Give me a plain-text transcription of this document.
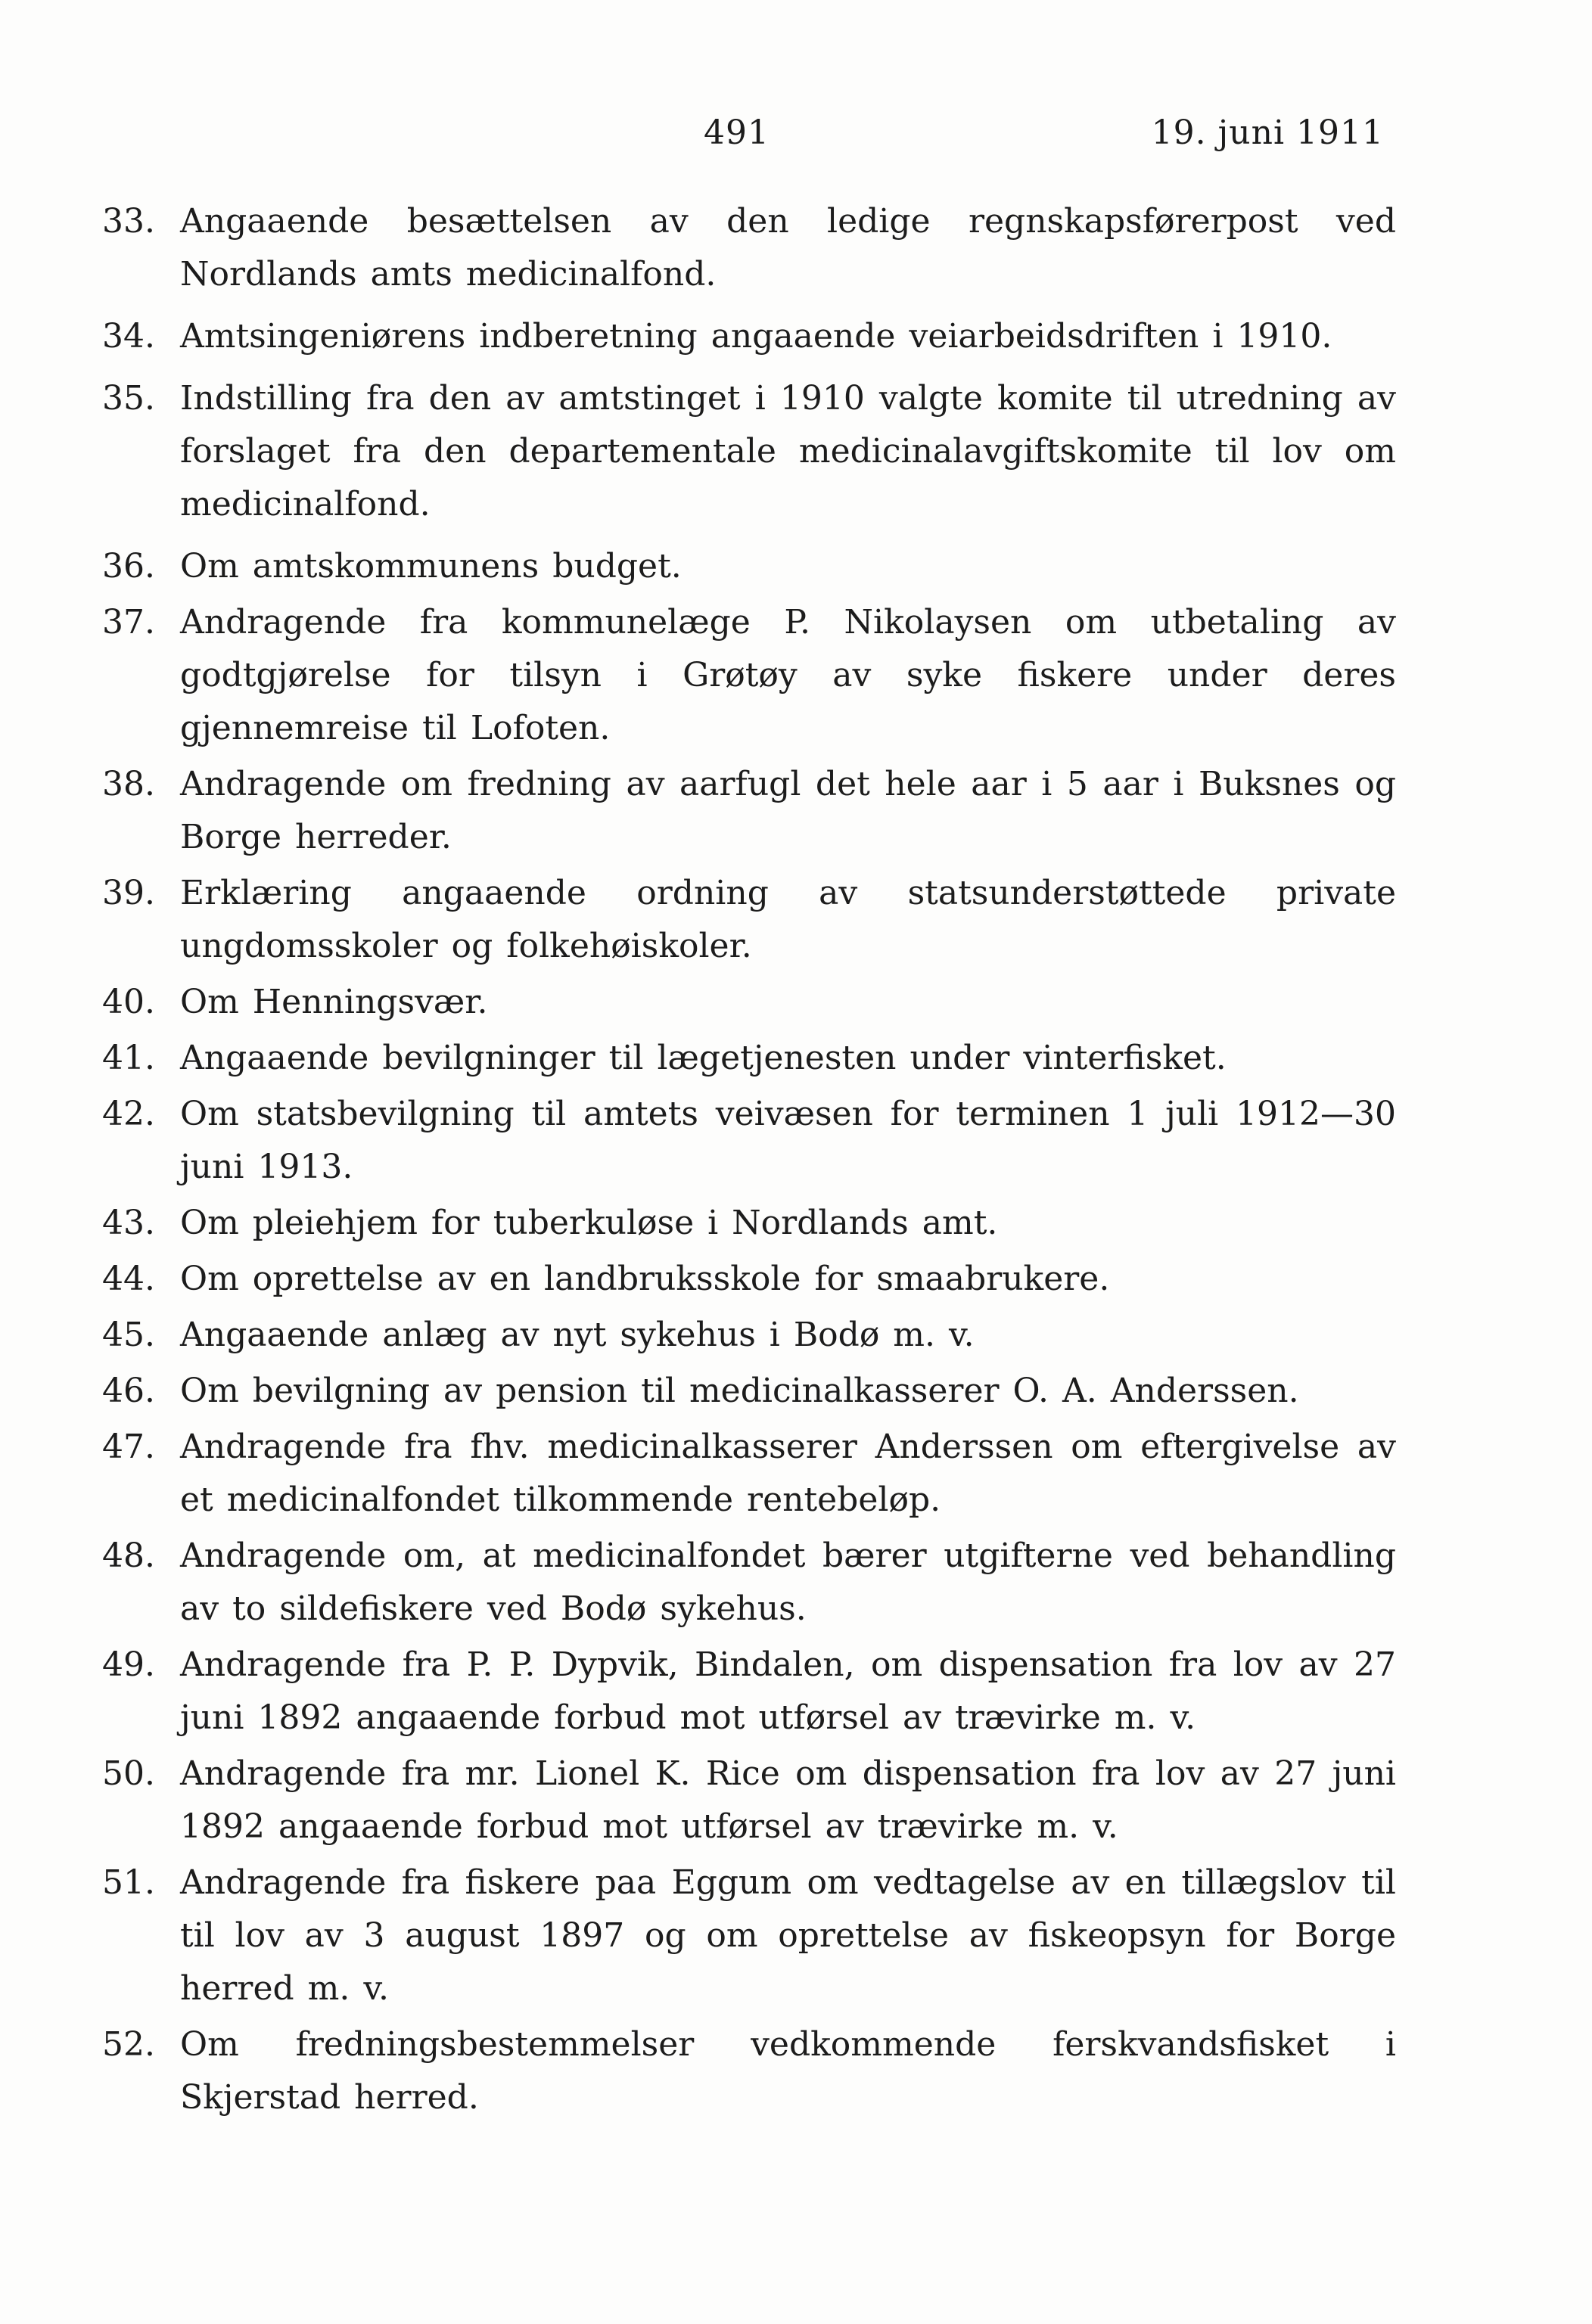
491	19. juni 1911
33. Angaaende besættelsen av den ledige regnskapsførerpost ved Nordlands amts medicinalfond.
34. Amtsingeniørens indberetning angaaende veiarbeidsdriften i 1910.
35. Indstilling fra den av amtstinget i 1910 valgte komite til utredning av forslaget fra den departementale medicinalavgiftskomite til lov om medicinalfond.
36. Om amtskommunens budget.
37. Andragende fra kommunelæge P. Nikolaysen om utbetaling av godtgjørelse for tilsyn i Grøtøy av syke fiskere under deres gjennemreise til Lofoten.
38. Andragende om fredning av aarfugl det hele aar i 5 aar i Buksnes og Borge herreder.
39. Erklæring angaaende ordning av statsunderstøttede private ungdomsskoler og folkehøiskoler.
40. Om Henningsvær.
41. Angaaende bevilgninger til lægetjenesten under vinterfisket.
42. Om statsbevilgning til amtets veivæsen for terminen 1 juli 1912—30 juni 1913.
43. Om pleiehjem for tuberkuløse i Nordlands amt.
44. Om oprettelse av en landbruksskole for smaabrukere.
45. Angaaende anlæg av nyt sykehus i Bodø m. v.
46. Om bevilgning av pension til medicinalkasserer O. A. Anderssen.
47. Andragende fra fhv. medicinalkasserer Anderssen om eftergivelse av et medicinalfondet tilkommende rentebeløp.
48. Andragende om, at medicinalfondet bærer utgifterne ved behandling av to sildefiskere ved Bodø sykehus.
49. Andragende fra P. P. Dypvik, Bindalen, om dispensation fra lov av 27 juni 1892 angaaende forbud mot utførsel av trævirke m. v.
50. Andragende fra mr. Lionel K. Rice om dispensation fra lov av 27 juni 1892 angaaende forbud mot utførsel av trævirke m. v.
51. Andragende fra fiskere paa Eggum om vedtagelse av en tillægslov til til lov av 3 august 1897 og om oprettelse av fiskeopsyn for Borge herred m. v.
52. Om fredningsbestemmelser vedkommende ferskvandsfisket i Skjerstad herred.
